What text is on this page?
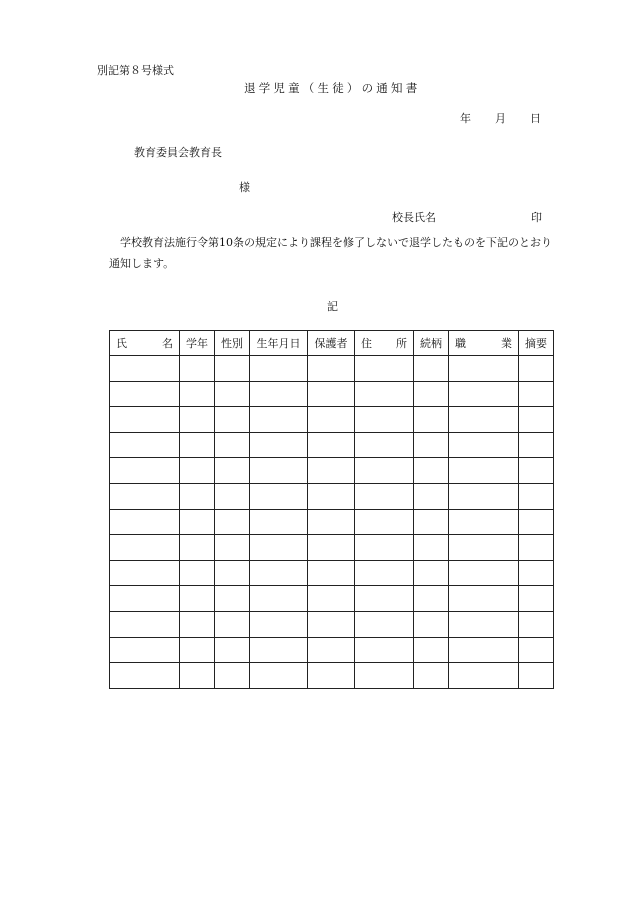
別記第８号様式
退学児童（生徒）の通知書
年 月 日
教育委員会教育長
様
校長氏名	印
学校教育法施行令第10条の規定により課程を修了しないで退学したものを下記のとおり通知します。
記
氏 名	学年	性別	生年月日	保護者	住 所	続柄	職 業	摘要
